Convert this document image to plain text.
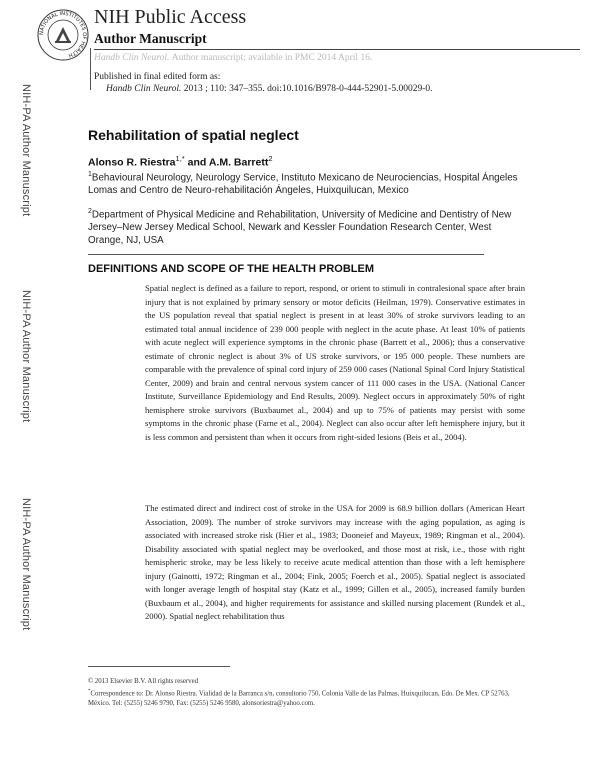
NATIONAL INSTITUTES OF HEALTH
NIH Public Access
Author Manuscript
Handb Clin Neurol. Author manuscript; available in PMC 2014 April 16.
Published in final edited form as:
Handb Clin Neurol. 2013 ; 110: 347–355. doi:10.1016/B978-0-444-52901-5.00029-0.
NIH-PA Author Manuscript
NIH-PA Author Manuscript
NIH-PA Author Manuscript
Rehabilitation of spatial neglect
Alonso R. Riestra$^{1,*}$ and A.M. Barrett$^2$
$^1$Behavioural Neurology, Neurology Service, Instituto Mexicano de Neurociencias, Hospital Ángeles Lomas and Centro de Neuro-rehabilitación Ángeles, Huixquilucan, Mexico
$^2$Department of Physical Medicine and Rehabilitation, University of Medicine and Dentistry of New Jersey–New Jersey Medical School, Newark and Kessler Foundation Research Center, West Orange, NJ, USA
DEFINITIONS AND SCOPE OF THE HEALTH PROBLEM
Spatial neglect is defined as a failure to report, respond, or orient to stimuli in contralesional space after brain injury that is not explained by primary sensory or motor deficits (Heilman, 1979). Conservative estimates in the US population reveal that spatial neglect is present in at least 30% of stroke survivors leading to an estimated total annual incidence of 239 000 people with neglect in the acute phase. At least 10% of patients with acute neglect will experience symptoms in the chronic phase (Barrett et al., 2006); thus a conservative estimate of chronic neglect is about 3% of US stroke survivors, or 195 000 people. These numbers are comparable with the prevalence of spinal cord injury of 259 000 cases (National Spinal Cord Injury Statistical Center, 2009) and brain and central nervous system cancer of 111 000 cases in the USA. (National Cancer Institute, Surveillance Epidemiology and End Results, 2009). Neglect occurs in approximately 50% of right hemisphere stroke survivors (Buxbaumet al., 2004) and up to 75% of patients may persist with some symptoms in the chronic phase (Farne et al., 2004). Neglect can also occur after left hemisphere injury, but it is less common and persistent than when it occurs from right-sided lesions (Beis et al., 2004).
The estimated direct and indirect cost of stroke in the USA for 2009 is 68.9 billion dollars (American Heart Association, 2009). The number of stroke survivors may increase with the aging population, as aging is associated with increased stroke risk (Hier et al., 1983; Dooneief and Mayeux, 1989; Ringman et al., 2004). Disability associated with spatial neglect may be overlooked, and those most at risk, i.e., those with right hemispheric stroke, may be less likely to receive acute medical attention than those with a left hemisphere injury (Gainotti, 1972; Ringman et al., 2004; Fink, 2005; Foerch et al., 2005). Spatial neglect is associated with longer average length of hospital stay (Katz et al., 1999; Gillen et al., 2005), increased family burden (Buxbaum et al., 2004), and higher requirements for assistance and skilled nursing placement (Rundek et al., 2000). Spatial neglect rehabilitation thus
© 2013 Elsevier B.V. All rights reserved
*Correspondence to: Dr. Alonso Riestra. Vialidad de la Barranca s/n, consultorio 750, Colonia Valle de las Palmas, Huixquilucan, Edo. De Mex. CP 52763, México. Tel: (5255) 5246 9790, Fax: (5255) 5246 9580, alonsoriestra@yahoo.com.
